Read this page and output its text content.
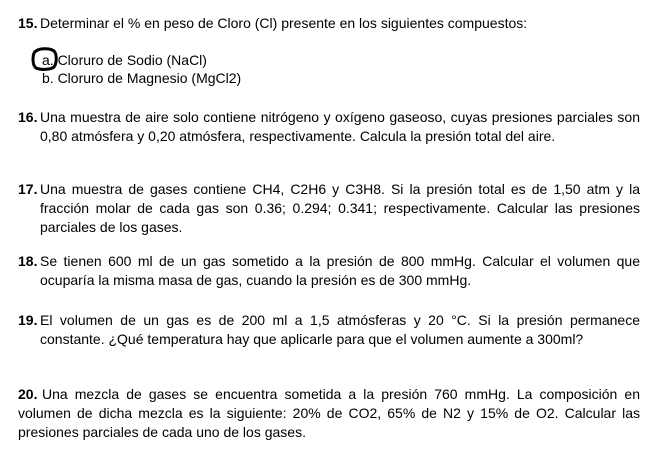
15. Determinar el % en peso de Cloro (Cl) presente en los siguientes compuestos:
a. Cloruro de Sodio (NaCl)
b. Cloruro de Magnesio (MgCl2)
16. Una muestra de aire solo contiene nitrógeno y oxígeno gaseoso, cuyas presiones parciales son 0,80 atmósfera y 0,20 atmósfera, respectivamente. Calcula la presión total del aire.
17. Una muestra de gases contiene CH4, C2H6 y C3H8. Si la presión total es de 1,50 atm y la fracción molar de cada gas son 0.36; 0.294; 0.341; respectivamente. Calcular las presiones parciales de los gases.
18. Se tienen 600 ml de un gas sometido a la presión de 800 mmHg. Calcular el volumen que ocuparía la misma masa de gas, cuando la presión es de 300 mmHg.
19. El volumen de un gas es de 200 ml a 1,5 atmósferas y 20 °C. Si la presión permanece constante. ¿Qué temperatura hay que aplicarle para que el volumen aumente a 300ml?
20. Una mezcla de gases se encuentra sometida a la presión 760 mmHg. La composición en volumen de dicha mezcla es la siguiente: 20% de CO2, 65% de N2 y 15% de O2. Calcular las presiones parciales de cada uno de los gases.
